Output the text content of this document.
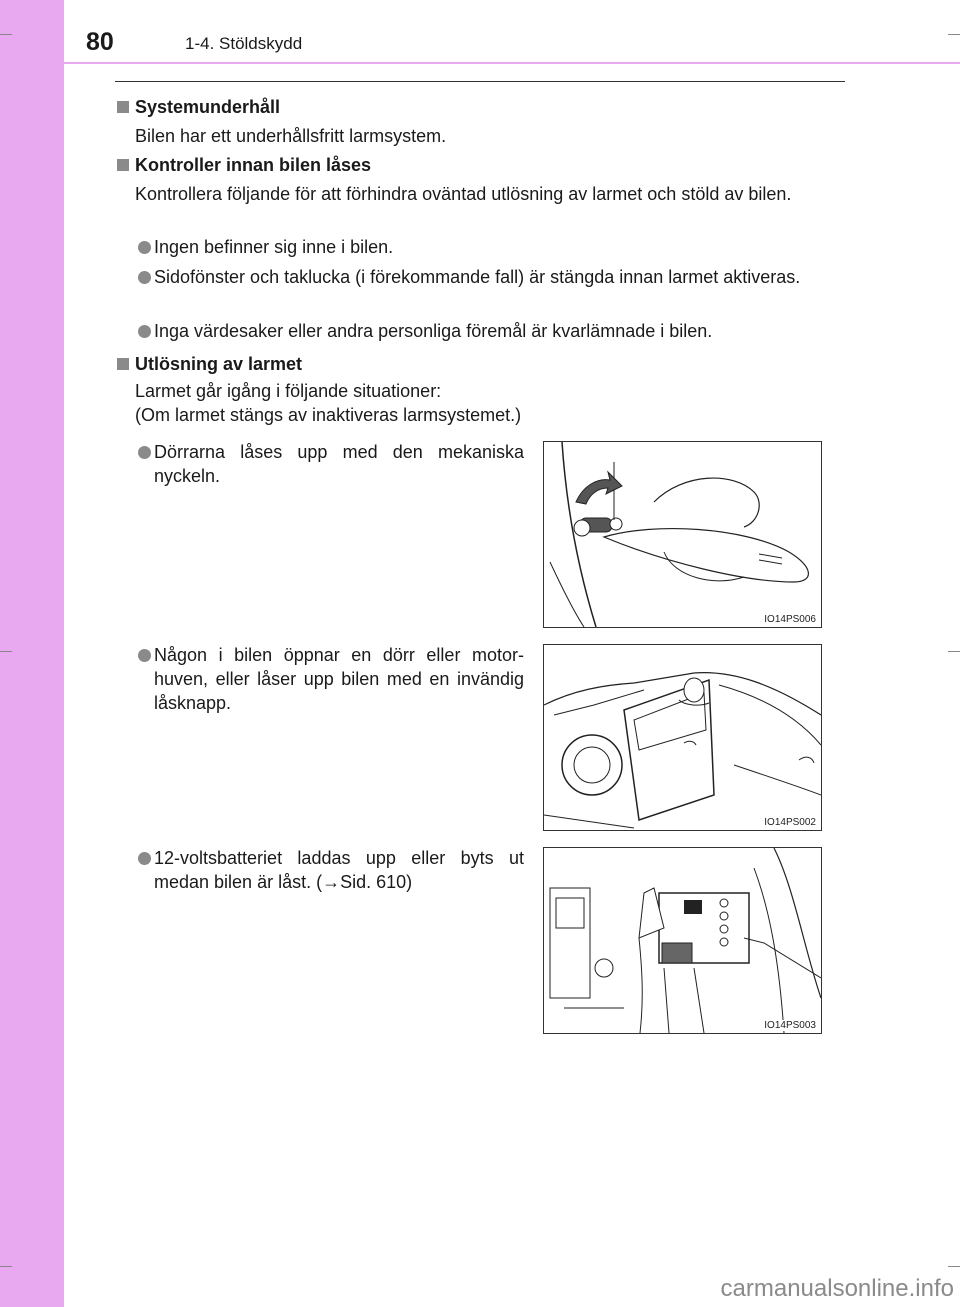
80	1-4. Stöldskydd
Systemunderhåll
Bilen har ett underhållsfritt larmsystem.
Kontroller innan bilen låses
Kontrollera följande för att förhindra oväntad utlösning av larmet och stöld av bilen.
Ingen befinner sig inne i bilen.
Sidofönster och taklucka (i förekommande fall) är stängda innan larmet aktiveras.
Inga värdesaker eller andra personliga föremål är kvarlämnade i bilen.
Utlösning av larmet
Larmet går igång i följande situationer:
(Om larmet stängs av inaktiveras larmsystemet.)
Dörrarna låses upp med den mekaniska nyckeln.
IO14PS006
Någon i bilen öppnar en dörr eller motor-huven, eller låser upp bilen med en invändig låsknapp.
IO14PS002
12-voltsbatteriet laddas upp eller byts ut medan bilen är låst. (→Sid. 610)
IO14PS003
carmanualsonline.info
